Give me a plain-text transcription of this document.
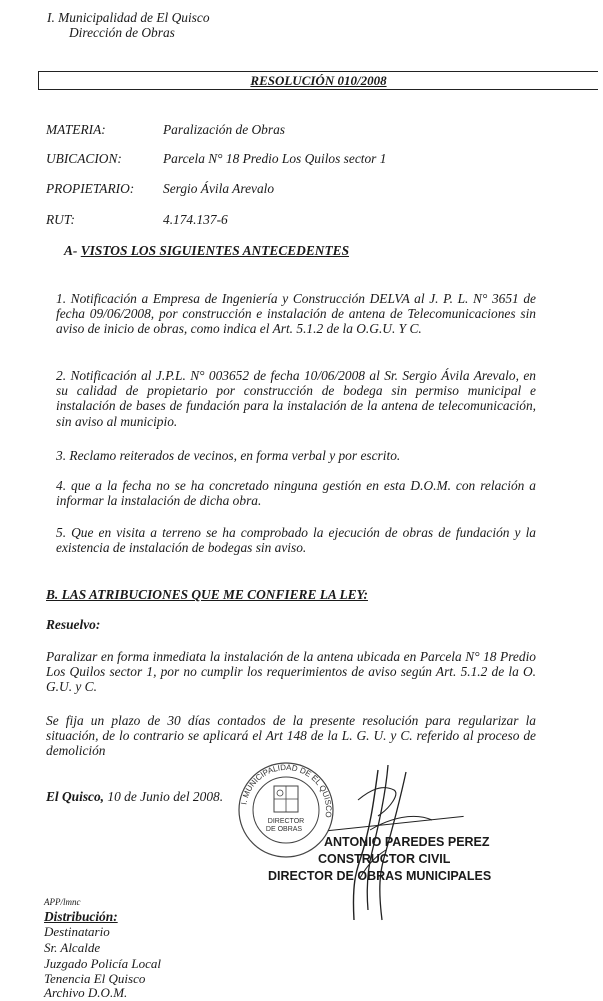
I. Municipalidad de El Quisco
Dirección de Obras
RESOLUCIÓN 010/2008
MATERIA:	Paralización de Obras
UBICACION:	Parcela N° 18 Predio Los Quilos sector 1
PROPIETARIO: Sergio Ávila Arevalo
RUT:	4.174.137-6
A- VISTOS LOS SIGUIENTES ANTECEDENTES
1. Notificación a Empresa de Ingeniería y Construcción DELVA al J. P. L. N° 3651 de fecha 09/06/2008, por construcción e instalación de antena de Telecomunicaciones sin aviso de inicio de obras, como indica el Art. 5.1.2 de la O.G.U. Y C.
2. Notificación al J.P.L. N° 003652 de fecha 10/06/2008 al Sr. Sergio Ávila Arevalo, en su calidad de propietario por construcción de bodega sin permiso municipal e instalación de bases de fundación para la instalación de la antena de telecomunicación, sin aviso al municipio.
3. Reclamo reiterados de vecinos, en forma verbal y por escrito.
4. que a la fecha no se ha concretado ninguna gestión en esta D.O.M. con relación a informar la instalación de dicha obra.
5. Que en visita a terreno se ha comprobado la ejecución de obras de fundación y la existencia de instalación de bodegas sin aviso.
B. LAS ATRIBUCIONES QUE ME CONFIERE LA LEY:
Resuelvo:
Paralizar en forma inmediata la instalación de la antena ubicada en Parcela N° 18 Predio Los Quilos sector 1, por no cumplir los requerimientos de aviso según Art. 5.1.2 de la O. G.U. y C.
Se fija un plazo de 30 días contados de la presente resolución para regularizar la situación, de lo contrario se aplicará el Art 148 de la L. G. U. y C. referido al proceso de demolición
El Quisco, 10 de Junio del 2008. I. MUNICIPALIDAD DE EL QUISCO
DIRECTOR
DE OBRAS
ANTONIO PAREDES PEREZ
CONSTRUCTOR CIVIL
DIRECTOR DE OBRAS MUNICIPALES
APP/lmnc
Distribución:
Destinatario
Sr. Alcalde
Juzgado Policía Local
Tenencia El Quisco
Archivo D.O.M.
